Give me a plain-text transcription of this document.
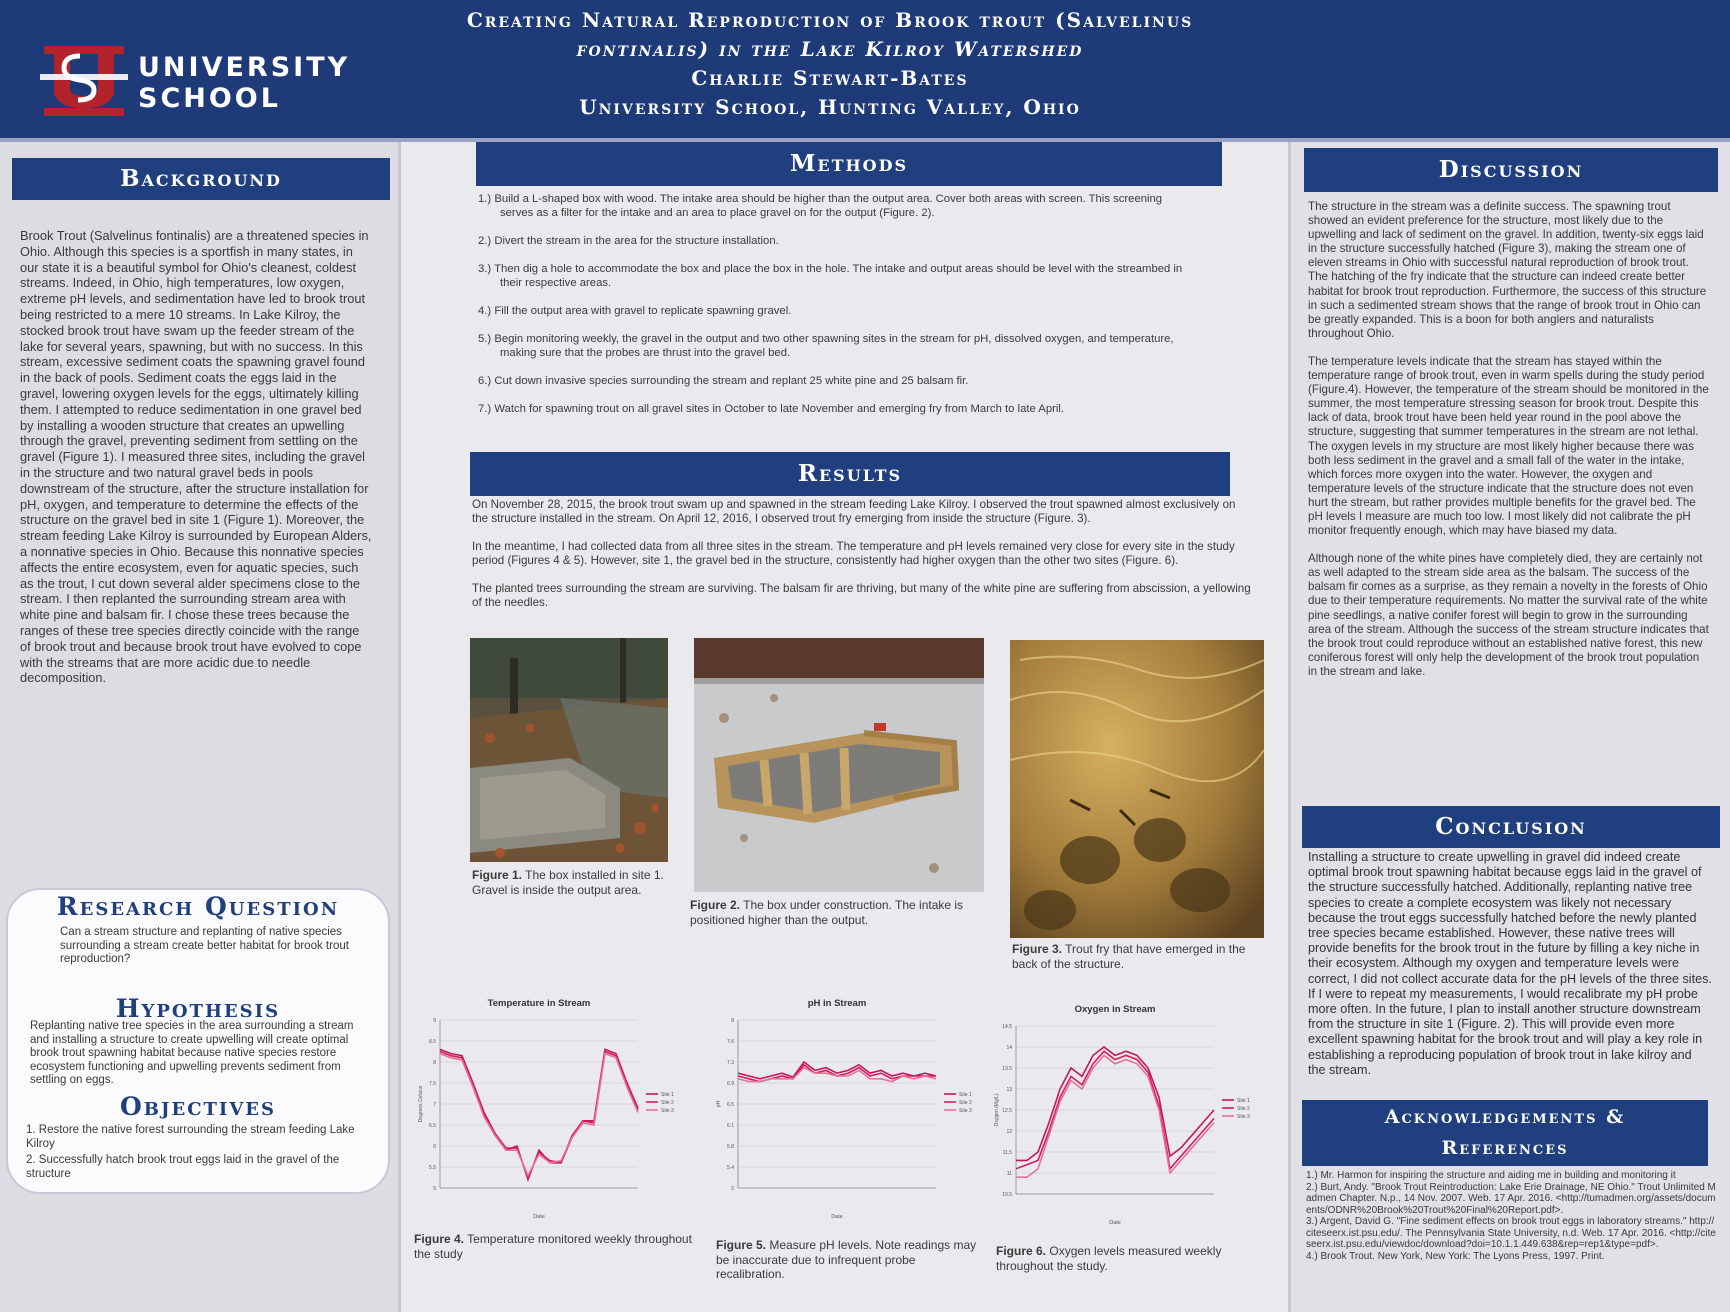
UNIVERSITY
SCHOOL
Creating Natural Reproduction of Brook trout (Salvelinus
fontinalis) in the Lake Kilroy Watershed
Charlie Stewart-Bates
University School, Hunting Valley, Ohio
Background
Brook Trout (Salvelinus fontinalis) are a threatened species in Ohio. Although this species is a sportfish in many states, in our state it is a beautiful symbol for Ohio's cleanest, coldest streams. Indeed, in Ohio, high temperatures, low oxygen, extreme pH levels, and sedimentation have led to brook trout being restricted to a mere 10 streams. In Lake Kilroy, the stocked brook trout have swam up the feeder stream of the lake for several years, spawning, but with no success. In this stream, excessive sediment coats the spawning gravel found in the back of pools. Sediment coats the eggs laid in the gravel, lowering oxygen levels for the eggs, ultimately killing them. I attempted to reduce sedimentation in one gravel bed by installing a wooden structure that creates an upwelling through the gravel, preventing sediment from settling on the gravel (Figure 1). I measured three sites, including the gravel in the structure and two natural gravel beds in pools downstream of the structure, after the structure installation for pH, oxygen, and temperature to determine the effects of the structure on the gravel bed in site 1 (Figure 1). Moreover, the stream feeding Lake Kilroy is surrounded by European Alders, a nonnative species in Ohio. Because this nonnative species affects the entire ecosystem, even for aquatic species, such as the trout, I cut down several alder specimens close to the stream. I then replanted the surrounding stream area with white pine and balsam fir. I chose these trees because the ranges of these tree species directly coincide with the range of brook trout and because brook trout have evolved to cope with the streams that are more acidic due to needle decomposition.
Research Question
Can a stream structure and replanting of native species surrounding a stream create better habitat for brook trout reproduction?
Hypothesis
Replanting native tree species in the area surrounding a stream and installing a structure to create upwelling will create optimal brook trout spawning habitat because native species restore ecosystem functioning and upwelling prevents sediment from settling on eggs.
Objectives
1. Restore the native forest surrounding the stream feeding Lake Kilroy
2. Successfully hatch brook trout eggs laid in the gravel of the structure
Methods
1.) Build a L-shaped box with wood. The intake area should be higher than the output area. Cover both areas with screen. This screening serves as a filter for the intake and an area to place gravel on for the output (Figure. 2).
2.) Divert the stream in the area for the structure installation.
3.) Then dig a hole to accommodate the box and place the box in the hole. The intake and output areas should be level with the streambed in their respective areas.
4.) Fill the output area with gravel to replicate spawning gravel.
5.) Begin monitoring weekly, the gravel in the output and two other spawning sites in the stream for pH, dissolved oxygen, and temperature, making sure that the probes are thrust into the gravel bed.
6.) Cut down invasive species surrounding the stream and replant 25 white pine and 25 balsam fir.
7.) Watch for spawning trout on all gravel sites in October to late November and emerging fry from March to late April.
Results

On November 28, 2015, the brook trout swam up and spawned in the stream feeding Lake Kilroy. I observed the trout spawned almost exclusively on the structure installed in the stream. On April 12, 2016, I observed trout fry emerging from inside the structure (Figure. 3).

In the meantime, I had collected data from all three sites in the stream. The temperature and pH levels remained very close for every site in the study period (Figures 4 & 5). However, site 1, the gravel bed in the structure, consistently had higher oxygen than the other two sites (Figure. 6).

The planted trees surrounding the stream are surviving. The balsam fir are thriving, but many of the white pine are suffering from abscission, a yellowing of the needles.

Figure 1. The box installed in site 1. Gravel is inside the output area.
Figure 2. The box under construction. The intake is positioned higher than the output.
Figure 3. Trout fry that have emerged in the back of the structure.
Temperature in Stream
5
5.5
6
6.5
7
7.5
8
8.5
9
Degrees Celsius
Date
Site 1
Site 2
Site 3
pH in Stream
5
5.4
5.8
6.1
6.5
6.9
7.3
7.6
8
pH
Date
Site 1
Site 2
Site 3
Oxygen in Stream
10.5
11
11.5
12
12.5
13
13.5
14
14.5
Oxygen (Mg/L)
Date
Site 1
Site 2
Site 3
Figure 4. Temperature monitored weekly throughout the study
Figure 5. Measure pH levels. Note readings may be inaccurate due to infrequent probe recalibration.
Figure 6. Oxygen levels measured weekly throughout the study.
Discussion

The structure in the stream was a definite success. The spawning trout showed an evident preference for the structure, most likely due to the upwelling and lack of sediment on the gravel. In addition, twenty-six eggs laid in the structure successfully hatched (Figure 3), making the stream one of eleven streams in Ohio with successful natural reproduction of brook trout. The hatching of the fry indicate that the structure can indeed create better habitat for brook trout reproduction. Furthermore, the success of this structure in such a sedimented stream shows that the range of brook trout in Ohio can be greatly expanded. This is a boon for both anglers and naturalists throughout Ohio.

The temperature levels indicate that the stream has stayed within the temperature range of brook trout, even in warm spells during the study period (Figure.4). However, the temperature of the stream should be monitored in the summer, the most temperature stressing season for brook trout. Despite this lack of data, brook trout have been held year round in the pool above the structure, suggesting that summer temperatures in the stream are not lethal. The oxygen levels in my structure are most likely higher because there was both less sediment in the gravel and a small fall of the water in the intake, which forces more oxygen into the water. However, the oxygen and temperature levels of the structure indicate that the structure does not even hurt the stream, but rather provides multiple benefits for the gravel bed. The pH levels I measure are much too low. I most likely did not calibrate the pH monitor frequently enough, which may have biased my data.

Although none of the white pines have completely died, they are certainly not as well adapted to the stream side area as the balsam. The success of the balsam fir comes as a surprise, as they remain a novelty in the forests of Ohio due to their temperature requirements. No matter the survival rate of the white pine seedlings, a native conifer forest will begin to grow in the surrounding area of the stream. Although the success of the stream structure indicates that the brook trout could reproduce without an established native forest, this new coniferous forest will only help the development of the brook trout population in the stream and lake.

Conclusion
Installing a structure to create upwelling in gravel did indeed create optimal brook trout spawning habitat because eggs laid in the gravel of the structure successfully hatched. Additionally, replanting native tree species to create a complete ecosystem was likely not necessary because the trout eggs successfully hatched before the newly planted tree species became established. However, these native trees will provide benefits for the brook trout in the future by filling a key niche in their ecosystem. Although my oxygen and temperature levels were correct, I did not collect accurate data for the pH levels of the three sites. If I were to repeat my measurements, I would recalibrate my pH probe more often. In the future, I plan to install another structure downstream from the structure in site 1 (Figure. 2). This will provide even more excellent spawning habitat for the brook trout and will play a key role in establishing a reproducing population of brook trout in lake kilroy and the stream.
Acknowledgements &
References
1.) Mr. Harmon for inspiring the structure and aiding me in building and monitoring it
2.) Burt, Andy. "Brook Trout Reintroduction: Lake Erie Drainage, NE Ohio." Trout Unlimited Madmen Chapter. N.p., 14 Nov. 2007. Web. 17 Apr. 2016. <http://tumadmen.org/assets/documents/ODNR%20Brook%20Trout%20Final%20Report.pdf>.
3.) Argent, David G. "Fine sediment effects on brook trout eggs in laboratory streams." http://citeseerx.ist.psu.edu/. The Pennsylvania State University, n.d. Web. 17 Apr. 2016. <http://citeseerx.ist.psu.edu/viewdoc/download?doi=10.1.1.449.638&rep=rep1&type=pdf>.
4.) Brook Trout. New York, New York: The Lyons Press, 1997. Print.
